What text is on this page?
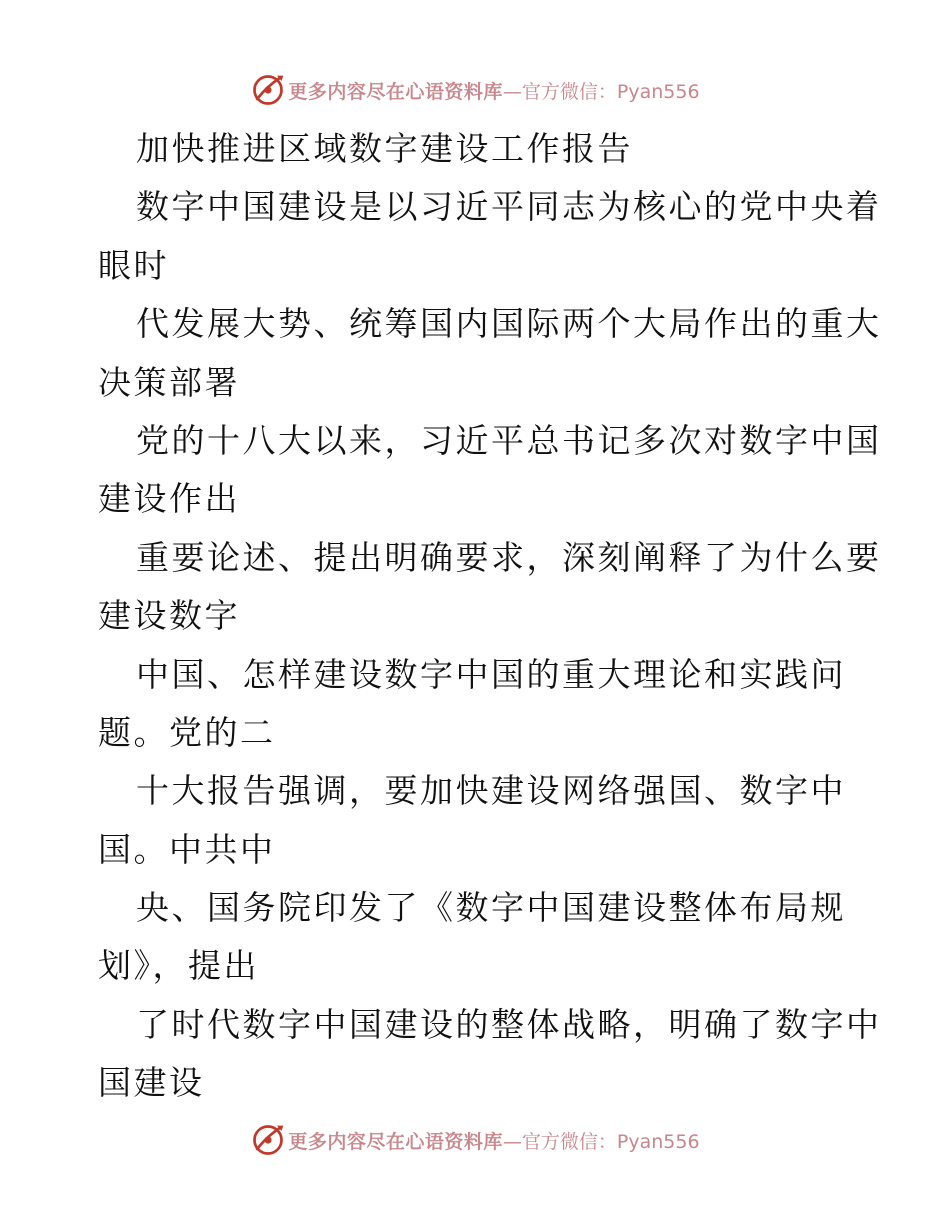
更多内容尽在心语资料库 —官方微信：Pyan556
加快推进区域数字建设工作报告
数字中国建设是以习近平同志为核心的党中央着
眼时
代发展大势、统筹国内国际两个大局作出的重大
决策部署
党的十八大以来，习近平总书记多次对数字中国
建设作出
重要论述、提出明确要求，深刻阐释了为什么要
建设数字
中国、怎样建设数字中国的重大理论和实践问
题。党的二
十大报告强调，要加快建设网络强国、数字中
国。中共中
央、国务院印发了《数字中国建设整体布局规
划》，提出
了时代数字中国建设的整体战略，明确了数字中
国建设
更多内容尽在心语资料库 —官方微信：Pyan556
